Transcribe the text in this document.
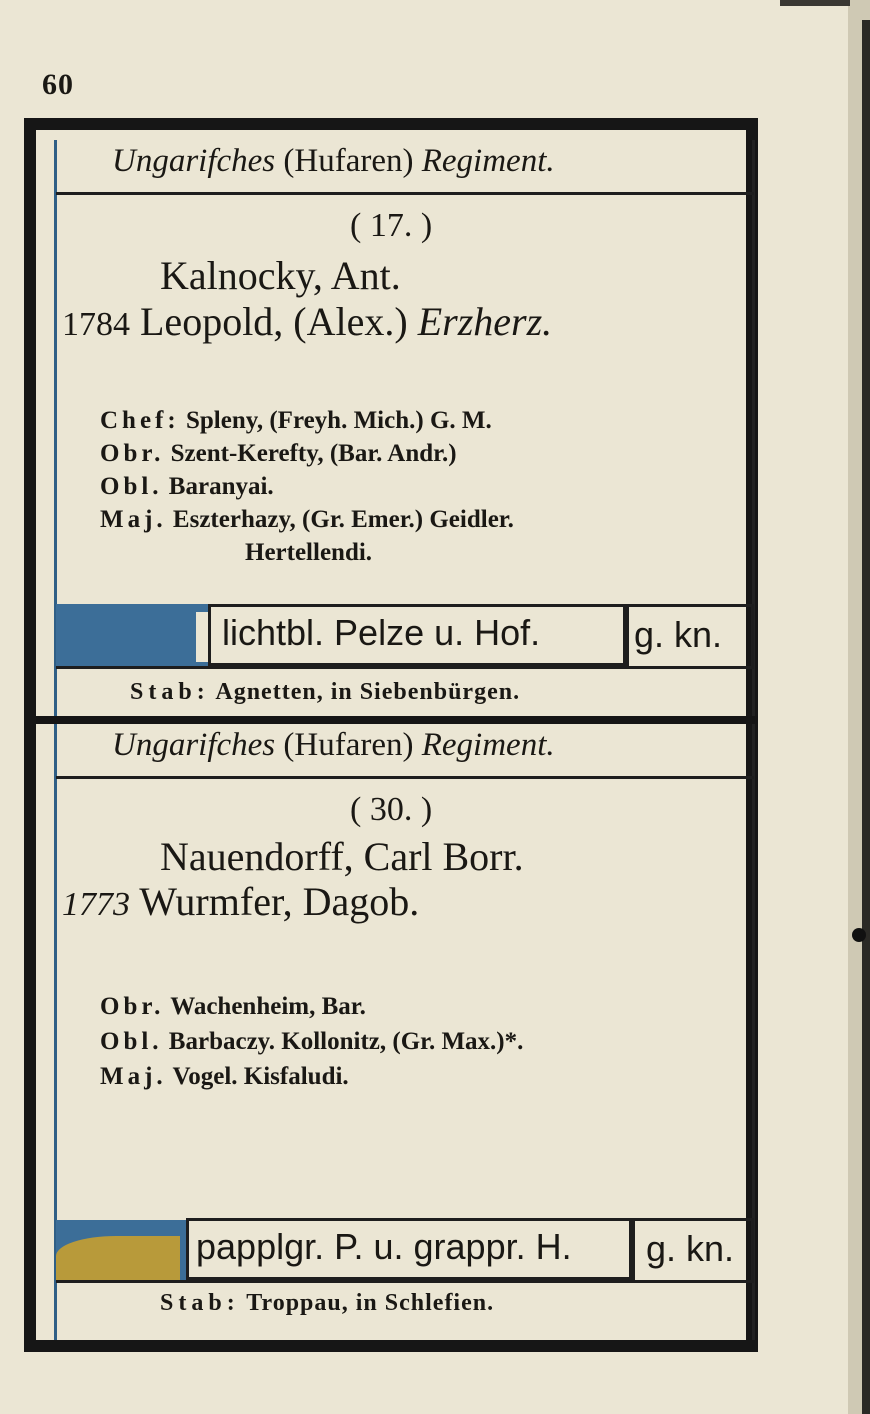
60
Ungarifches (Hufaren) Regiment.
( 17. )
Kalnocky, Ant.
1784 Leopold, (Alex.) Erzherz.
Chef: Spleny, (Freyh. Mich.) G. M.
Obr. Szent-Kerefty, (Bar. Andr.)
Obl. Baranyai.
Maj. Eszterhazy, (Gr. Emer.) Geidler.
Hertellendi.
lichtbl. Pelze u. Hof.	g. kn.
Stab: Agnetten, in Siebenbürgen.
Ungarifches (Hufaren) Regiment.
( 30. )
Nauendorff, Carl Borr.
1773 Wurmfer, Dagob.
Obr. Wachenheim, Bar.
Obl. Barbaczy. Kollonitz, (Gr. Max.)*.
Maj. Vogel. Kisfaludi.
papplgr. P. u. grappr. H. g. kn.
Stab: Troppau, in Schlefien.
